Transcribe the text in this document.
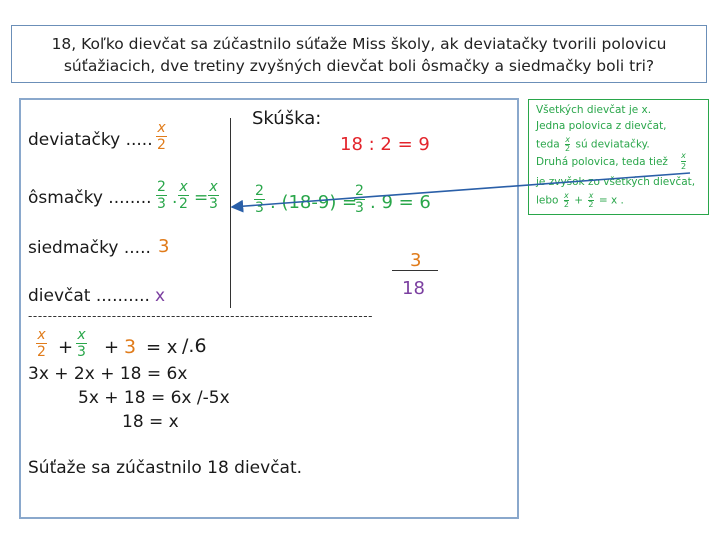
18, Koľko dievčat sa zúčastnilo súťaže Miss školy, ak deviatačky tvorili polovicu
súťažiacich, dve tretiny zvyšných dievčat boli ôsmačky a siedmačky boli tri?
deviatačky .....
x
2
ôsmačky ........
2
3 .
x
2 =
x
3
siedmačky ..... 3
dievčat .......... x
Skúška:
18 : 2 = 9
2
3 . (18-9) =
2
3 . 9 = 6
3
18
----------------------------------------------------------------------
x
2 +
x
3 + 3 = x /.6
3x + 2x + 18 = 6x
5x + 18 = 6x /-5x
18 = x
Súťaže sa zúčastnilo 18 dievčat.
Všetkých dievčat je x.
Jedna polovica z dievčat,
teda $\frac{x}{2}$ sú deviatačky.
Druhá polovica, teda tiež
x
2
je zvyšok zo všetkých dievčat,
lebo $\frac{x}{2} + \frac{x}{2} = x$ .
